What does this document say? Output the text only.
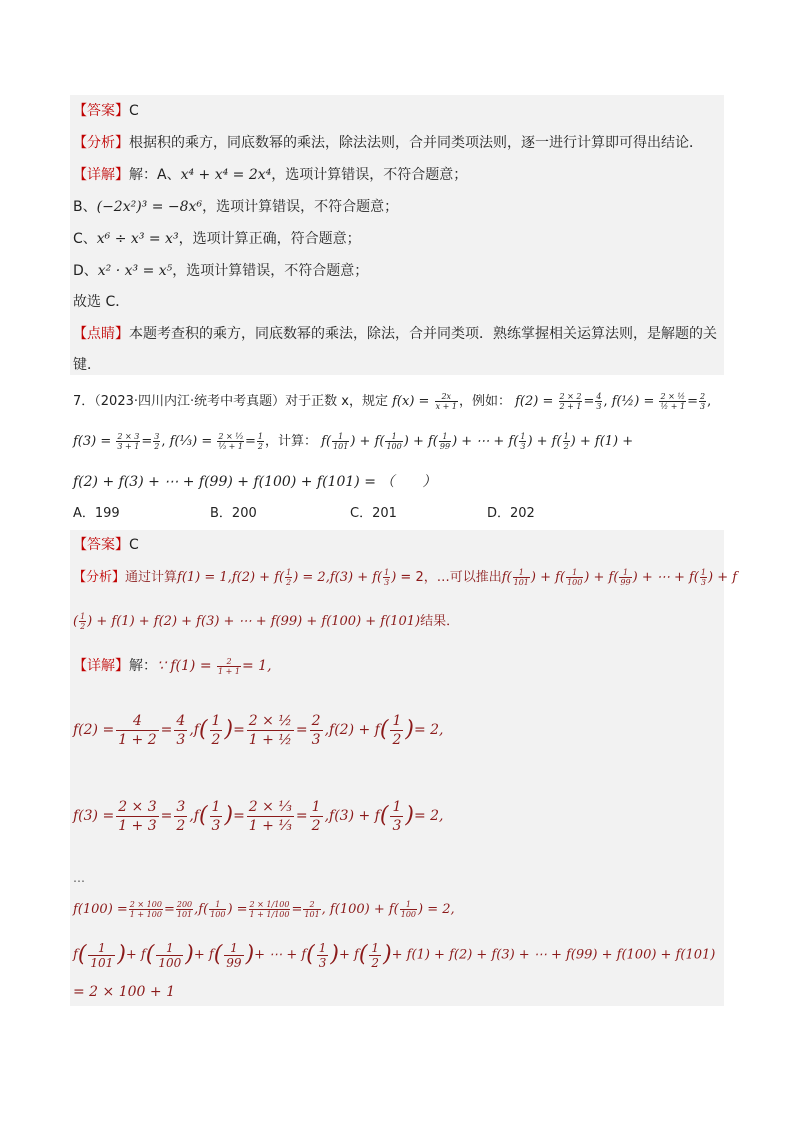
【答案】C
【分析】根据积的乘方，同底数幂的乘法，除法法则，合并同类项法则，逐一进行计算即可得出结论．
【详解】解：A、x⁴ + x⁴ = 2x⁴，选项计算错误，不符合题意；
B、(−2x²)³ = −8x⁶，选项计算错误，不符合题意；
C、x⁶ ÷ x³ = x³，选项计算正确，符合题意；
D、x² · x³ = x⁵，选项计算错误，不符合题意；
故选 C．
【点睛】本题考查积的乘方，同底数幂的乘法，除法，合并同类项．熟练掌握相关运算法则，是解题的关
键．
7．（2023·四川内江·统考中考真题）对于正数 x，规定 $f(x) = \frac{2x}{x + 1}$ ，例如： $f(2) = \frac{2 \times 2}{2 + 1} = \frac{4}{3}$ , f(½) = $\frac{\text{2 × ½}}{\text{½ + 1}} = \frac{2}{3}$ ,
$f(3) = \frac{2 \times 3}{3 + 1} = \frac{3}{2}$ , f(⅓) = $\frac{\text{2 × ⅓}}{\text{⅓ + 1}} = \frac{1}{2}$ ，计算： $f( \frac{1}{101}$ ) + $f( \frac{1}{100}$ ) + $f( \frac{1}{99}$ ) + ⋯ + $f( \frac{1}{3}$ ) + $f( \frac{1}{2}$ ) + f(1) +
f(2) + f(3) + ⋯ + f(99) + f(100) + f(101) = （　　）
A．199	B．200	C．201	D．202
【答案】C
【分析】通过计算$f(1) = 1,f(2) + f( \frac{1}{2}$ ) = $2,f(3) + f( \frac{1}{3}$ ) = 2，…可以推出$f( \frac{1}{101}$ ) + $f( \frac{1}{100}$ ) + $f( \frac{1}{99}$ ) + ⋯ + $f( \frac{1}{3}$ ) + f
( $\frac{1}{2}$ ) + f(1) + f(2) + f(3) + ⋯ + f(99) + f(100) + f(101)结果．
【详解】解：∵ $f(1) = \frac{2}{1 + 1} = 1$,
$f(2) = \frac{4}{1 + 2} = \frac{4}{3} ,f( \frac{1}{2}$ )= $\frac{\text{2 × ½}}{\text{1 + ½}} = \frac{2}{3} ,f(2) + f( \frac{1}{2}$ )= 2,
$f(3) = \frac{2 \times 3}{1 + 3} = \frac{3}{2} ,f( \frac{1}{3}$ )= $\frac{\text{2 × ⅓}}{\text{1 + ⅓}} = \frac{1}{2} ,f(3) + f( \frac{1}{3}$ )= 2,
…
$f(100) = \frac{2 \times 100}{1 + 100} = \frac{200}{101} ,f( \frac{1}{100}$ ) = $\frac{2 \times 1/100}{1 + 1/100} = \frac{2}{101}$ , $f(100) + f( \frac{1}{100}$ ) = 2,
$f( \frac{1}{101}$ )+ $f( \frac{1}{100}$ )+ $f( \frac{1}{99}$ )+ ⋯ + $f( \frac{1}{3}$ )+ $f( \frac{1}{2}$ )+ f(1) + f(2) + f(3) + ⋯ + f(99) + f(100) + f(101)
= 2 × 100 + 1
